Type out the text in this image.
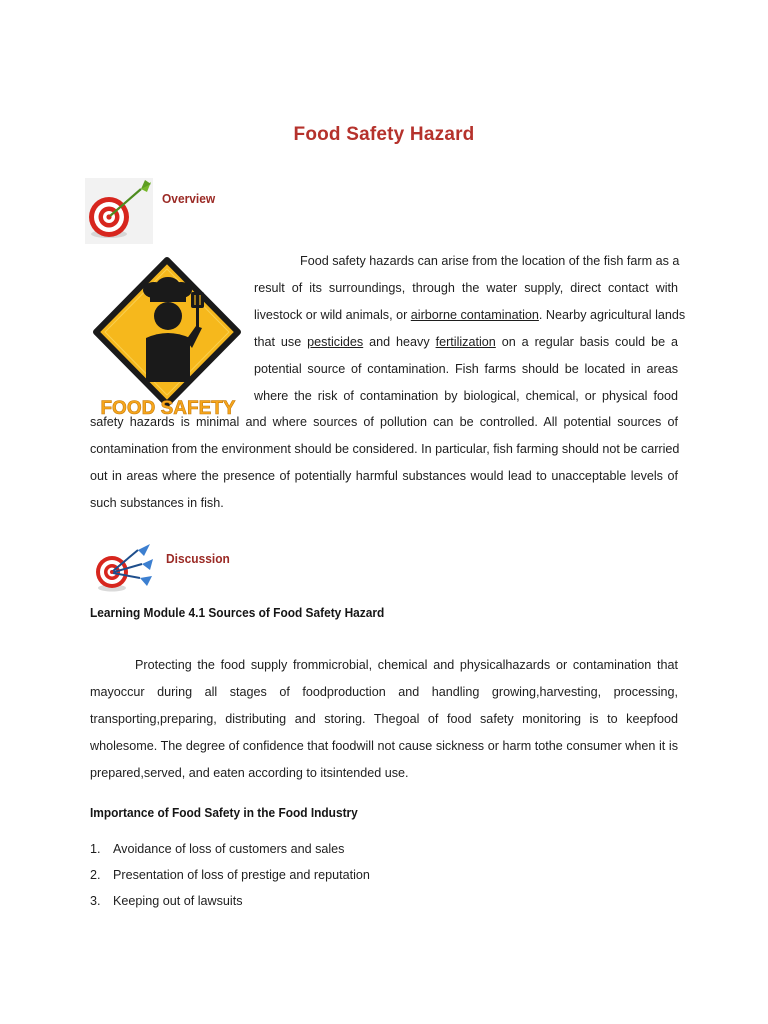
Food Safety Hazard
Overview
FOOD SAFETY
Food safety hazards can arise from the location of the fish farm as a
result of its surroundings, through the water supply, direct contact with
livestock or wild animals, or airborne contamination. Nearby agricultural lands
that use pesticides and heavy fertilization on a regular basis could be a
potential source of contamination. Fish farms should be located in areas
where the risk of contamination by biological, chemical, or physical food
safety hazards is minimal and where sources of pollution can be controlled. All potential sources of
contamination from the environment should be considered. In particular, fish farming should not be carried
out in areas where the presence of potentially harmful substances would lead to unacceptable levels of
such substances in fish.
Discussion
Learning Module 4.1 Sources of Food Safety Hazard
Protecting the food supply frommicrobial, chemical and physicalhazards or contamination that
mayoccur during all stages of foodproduction and handling growing,harvesting, processing,
transporting,preparing, distributing and storing. Thegoal of food safety monitoring is to keepfood
wholesome. The degree of confidence that foodwill not cause sickness or harm tothe consumer when it is
prepared,served, and eaten according to itsintended use.
Importance of Food Safety in the Food Industry
1. Avoidance of loss of customers and sales
2. Presentation of loss of prestige and reputation
3. Keeping out of lawsuits
